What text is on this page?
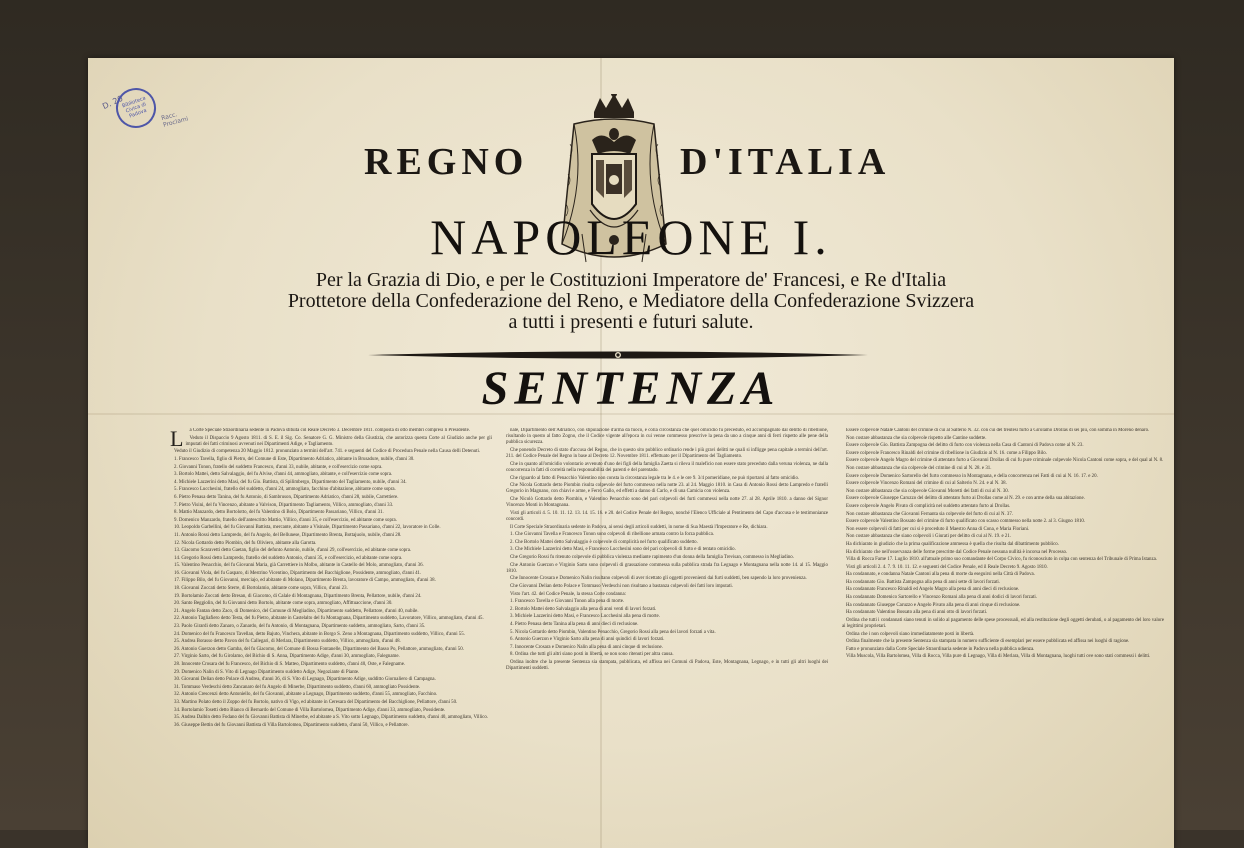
D. 20
Biblioteca Civica di Padova	Racc. Proclami
REGNO	D'ITALIA
NAPOLEONE I.
Per la Grazia di Dio, e per le Costituzioni Imperatore de' Francesi, e Re d'Italia
Prottetore della Confederazione del Reno, e Mediatore della Confederazione Svizzera
a tutti i presenti e futuri salute.
SENTENZA
L	a Corte Speciale Straordinaria sedente in Padova stituita col Reale Decreto 3. Decembre 1811. composta di otto membri compresi li Presidente.

Veduto il Dispaccio 9 Agosto 1811. di S. E. il Sig. Co. Senatore G. G. Ministro della Giustizia, che autorizza questa Corte al Giudizio anche per gli imputati dei fatti criminosi avvenuti nei Dipartimenti Adige, e Tagliamento.

Veduto il Giudizio di competenza 20 Maggio 1812. pronunziato a termini dell'art. 741. e seguenti del Codice di Procedura Penale nella Causa delli Detenuti.

1. Francesco Tavella, figlio di Pietro, del Comune di Este, Dipartimento Adriatico, abitante in Brusadure, nubile, d'anni 30.

2. Giovanni Tonon, fratello del suddetto Francesco, d'anni 33, nubile, abitante, e coll'esercizio come sopra.

3. Bortolo Mattei, detto Salvalaggio, del fu Alvise, d'anni 44, ammogliato, abitante, e coll'esercizio come sopra.

4. Michiele Lazzerini detto Masi, del fu Gio. Battista, di Spilimbergo, Dipartimento del Tagliamento, nubile, d'anni 34.

5. Francesco Lucchesini, fratello del suddetto, d'anni 24, ammogliato, facchino d'abitazione, abitante come sopra.

6. Pietro Penasa detto Tanina, del fu Antonio, di Sambruson, Dipartimento Adriatico, d'anni 28, nubile, Carrettiere.

7. Pietro Visini, del fu Vincenzo, abitante a Valvison, Dipartimento Tagliamento, Villico, ammogliato, d'anni 33.

8. Mattio Manzardo, detto Bortolotto, del fu Valentino di Bolo, Dipartimento Passariano, Villico, d'anni 31.

9. Domenico Manzardo, fratello dell'antescritto Mattio, Villico, d'anni 35, e coll'esercizio, ed abitante come sopra.

10. Leopoldo Garbellini, del fu Giovanni Battista, mercante, abitante a Visinale, Dipartimento Passariano, d'anni 22, lavoratore in Colle.

11. Antonio Rossi detto Lampredo, del fu Angelo, del Bellunese, Dipartimento Brenta, Bottajuolo, nubile, d'anni 28.

12. Nicola Gottardo detto Piombin, del fu Oliviero, abitante alla Garotta.

13. Giacomo Scaravetti detto Gaetan, figlio del defunto Antonio, nubile, d'anni 29, coll'esercizio, ed abitante come sopra.

14. Gregorio Rossi detto Lampredo, fratello del suddetto Antonio, d'anni 35, e coll'esercizio, ed abitante come sopra.

15. Valentino Penacchio, del fu Giovanni Maria, già Carrettiere in Molbo, abitante in Castello del Molo, ammogliato, d'anni 36.

16. Giovanni Viola, del fu Gasparo, di Mestrino Vicentino, Dipartimento del Bacchiglione, Possidente, ammogliato, d'anni 41.

17. Filippo Bilo, del fu Giovanni, merciajo, ed abitante di Molano, Dipartimento Brenta, lavoratore di Campo, ammogliato, d'anni 38.

18. Giovanni Zoccati detto Sterre, di Bortolamio, abitante come sopra, Villico, d'anni 23.

19. Bortolamio Zoccati detto Bresan, di Giacomo, di Calale di Montagnana, Dipartimento Brenta, Pellattore, nubile, d'anni 24.

20. Santo Beggiolin, del fu Giovanni detto Bortolo, abitante come sopra, ammogliato, Affittuaccione, d'anni 30.

21. Angelo Fantan detto Zaco, di Domenico, del Comune di Megliadino, Dipartimento suddetto, Pellattore, d'anni 40, nubile.

22. Antonio Tagliafiero detto Testa, del fu Pietro, abitante in Castelalto del fu Montagnana, Dipartimento suddetto, Lavoratore, Villico, ammogliato, d'anni 45.

23. Paolo Girardi detto Zanaro, o Zanardo, del fu Antonio, di Montagnana, Dipartimento suddetto, ammogliato, Sarto, d'anni 35.

24. Domenico del fu Francesco Tavellan, detto Bajuto, Vinchera, abitante in Borgo S. Zeno a Montagnana, Dipartimento suddetto, Villico, d'anni 55.

25. Andrea Borasso detto Pavon del fu Callegari, di Merlara, Dipartimento suddetto, Villico, ammogliato, d'anni 48.

26. Antonio Guerzon detto Gamba, del fu Giacomo, del Comune di Bossa Fontanelle, Dipartimento del Basso Po, Pellattore, ammogliato, d'anni 50.

27. Virginio Sarto, del fu Girolamo, del Bichio di S. Anna, Dipartimento Adige, d'anni 30, ammogliato, Falegname.

28. Innocente Crosara del fu Francesco, del Bichio di S. Matteo, Dipartimento suddetto, d'anni 40, Oste, e Falegname.

29. Domenico Nalin di S. Vito di Legnago Dipartimento suddetto Adige, Negoziante di Piante.

30. Giovanni Delian detto Polace di Andrea, d'anni 36, di S. Vito di Legnago, Dipartimento Adige, sudditto Giornaliero di Campagna.

31. Tommaso Verdeschi detto Zancanaro del fu Angelo di Minerbe, Dipartimento suddetto, d'anni 60, ammogliato Possidente.

32. Antonio Crescenzi detto Antoniello, del fu Giovanni, abitante a Legnago, Dipartimento suddetto, d'anni 55, ammogliato, Facchino.

33. Martino Polato detto il Zoppo del fu Bortolo, nativo di Vigo, ed abitante in Ceresara del Dipartimento del Bacchiglione, Pellattore, d'anni 50.

34. Bortolamio Tosetti detto Bianco di Bernardo del Comune di Villa Bartolomea, Dipartimento Adige, d'anni 33, ammogliato, Possidente.

35. Andrea Dalbin detto Fodano del fu Giovanni Battista di Minerbe, ed abitante a S. Vito sotto Legnago, Dipartimento suddetto, d'anni 40, ammogliato, Villico.

36. Giuseppe Bettin del fu Giovanni Battista di Villa Bartolomea, Dipartimento suddetto, d'anni 50, Villico, e Pellattore.

nale, Dipartimento dell'Adriatico, con stipulazione d'arma da fuoco, e colla circostanza che quel omicidio fu preceduto, ed accompagnato dal delitto di ribellione, risultando in questo al fatto Zogno, che il Codice vigente all'epoca in cui venne commesso prescrive la pena da uno a cinque anni di ferri rispetto alle pene della pubblica sicurezza.

Che ponendo Decreto di stato d'accusa del Regno, che in questo sito pubblico ordinario rende i più gravi delitti ne quali si infligge pena capitale a termini dell'art. 211. del Codice Penale del Regno in base al Decreto 12. Novembre 1811. effettuato per il Dipartimento del Tagliamento.

Che in quanto all'omicidio volontario avvenuto d'uno dei figli della famiglia Zaetta si rileva il maleficio non essere stato preceduto dalla veruna violenza, ne dalla concorrenza in fatti di correità nella responsabilità dei parenti e del parentado.

Che riguardo al fatto di Penacchio Valentino non consta la circostanza legale tra le 4. e le ore 9. 3/4 pomeridiane, ne può riportarsi al fatto omicidio.

Che Nicola Gottardo detto Piombin risulta colpevole del furto commesso nella notte 23. al 24. Maggio 1810. in Casa di Antonio Rossi detto Lampredo e fratelli Gregorio in Magnano, con chiavi e arme, e Ferro Gallo, ed effetti a danno di Carlo, e di una Camicia con violenza.

Che Nicolò Gottardo detto Piombin, e Valentino Penacchio sono del pari colpevoli dei furti commessi nella notte 27. al 28. Aprile 1810. a danno del Signor Vincenzo Monti in Montagnana.

Visti gli articoli 4. 5. 10. 11. 12. 13. 14. 15. 16. e 20. del Codice Penale del Regno, nonché l'Elenco Ufficiale al Pentimento del Capo d'accusa e le testimonianze concordi.

Il Corte Speciale Straordinaria sedente in Padova, ai sensi degli articoli suddetti, in nome di Sua Maestà l'Imperatore e Re, dichiara.

1. Che Giovanni Tavella e Francesco Tonon sono colpevoli di ribellione armata contro la forza pubblica.

2. Che Bortolo Mattei detto Salvalaggio è colpevole di complicità nel furto qualificato suddetto.

3. Che Michiele Lazzerini detto Masi, e Francesco Lucchesini sono del pari colpevoli di furto e di tentato omicidio.

Che Gregorio Rossi fu ritenuto colpevole di pubblica violenza mediante rapimento d'un donna della famiglia Trevisan, commesso in Megliadino.

Che Antonio Guerzon e Virginio Sarto sono colpevoli di grassazione commessa sulla pubblica strada fra Legnago e Montagnana nella notte 14. al 15. Maggio 1810.

Che Innocente Crosara e Domenico Nalin risultano colpevoli di aver ricettato gli oggetti provenienti dai furti suddetti, ben sapendo la loro provenienza.

Che Giovanni Delian detto Polace e Tommaso Verdeschi non risultano a bastanza colpevoli dei fatti loro imputati.

Visto l'art. 42. del Codice Penale, la stessa Corte condanna:

1. Francesco Tavella e Giovanni Tonon alla pena di morte.

2. Bortolo Mattei detto Salvalaggio alla pena di anni venti di lavori forzati.

3. Michiele Lazzerini detto Masi, e Francesco Lucchesini alla pena di morte.

4. Pietro Penasa detto Tanina alla pena di anni dieci di reclusione.

5. Nicola Gottardo detto Piombin, Valentino Penacchio, Gregorio Rossi alla pena dei lavori forzati a vita.

6. Antonio Guerzon e Virginio Sarto alla pena di anni quindici di lavori forzati.

7. Innocente Crosara e Domenico Nalin alla pena di anni cinque di reclusione.

8. Ordina che tutti gli altri siano posti in libertà, se non sono ritenuti per altra causa.

Ordina inoltre che la presente Sentenza sia stampata, pubblicata, ed affissa nei Comuni di Padova, Este, Montagnana, Legnago, e in tutti gli altri luoghi dei Dipartimenti suddetti.

Essere colpevole Natale Cantoni del crimine di cui al Salterio N. 32. con cui del treutesi furto a Girolamo Drollas di sei più, con somma in Moreno denaro.

Non costare abbastanza che sia colpevole rispetto alle Cantine suddette.

Essere colpevole Gio. Battista Zampogna del delitto di furto con violenza nella Casa di Cantoni di Padova come al N. 23.

Essere colpevole Francesco Rinaldi del crimine di ribellione in Giudizio al N. 16. come a Filippo Bilo.

Essere colpevole Angelo Magro del crimine di attentato furto a Giovanni Drollas di cui fu pure criminale colpevole Nicola Cantoni come sopra, e del qual al N. 8.

Non costare abbastanza che sia colpevole del crimine di cui al N. 28. e 31.

Essere colpevole Domenico Sartorello del furto commesso in Montagnana, e della concorrenza nei Fatti di cui ai N. 16. 17. e 20.

Essere colpevole Vincenzo Romani del crimine di cui al Salterio N. 24. e al N. 38.

Non costare abbastanza che sia colpevole Giovanni Moretti dei fatti di cui al N. 30.

Essere colpevole Giuseppe Caruzzo del delitto di attentato furto ai Drollas come al N. 29. e con arme della sua abitazione.

Essere colpevole Angelo Pivato di complicità nel suddetto attentato furto ai Drollas.

Non costare abbastanza che Giovanni Fernanta sia colpevole del furto di cui al N. 37.

Essere colpevole Valentino Bossato del crimine di furto qualificato con scasso commesso nella notte 2. al 3. Giugno 1810.

Non essere colpevoli di fatti per cui si è proceduto il Maestro Anna di Cona, e Maria Floriani.

Non costare abbastanza che siano colpevoli i Giurati per delitto di cui al N. 19. e 21.

Ha dichiarato in giudizio che la prima qualificazione ammessa è quella che risulta dal dibattimento pubblico.

Ha dichiarato che nell'osservanza delle forme prescritte dal Codice Penale nessuna nullità è incorsa nel Processo.

Villa di Rocca Fame 17. Luglio 1810. all'attuale primo suo comandante del Corpo Civico, fu riconosciuto in colpa con sentenza del Tribunale di Prima Istanza.

Visti gli articoli 2. 4. 7. 9. 10. 11. 12. e seguenti del Codice Penale, ed il Reale Decreto 9. Agosto 1810.

Ha condannato, e condanna Natale Cantoni alla pena di morte da eseguirsi nella Città di Padova.

Ha condannato Gio. Battista Zampogna alla pena di anni sette di lavori forzati.

Ha condannato Francesco Rinaldi ed Angelo Magro alla pena di anni dieci di reclusione.

Ha condannato Domenico Sartorello e Vincenzo Romani alla pena di anni dodici di lavori forzati.

Ha condannato Giuseppe Caruzzo e Angelo Pivato alla pena di anni cinque di reclusione.

Ha condannato Valentino Bossato alla pena di anni otto di lavori forzati.

Ordina che tutti i condannati siano tenuti in solido al pagamento delle spese processuali, ed alla restituzione degli oggetti derubati, o al pagamento del loro valore ai legittimi proprietari.

Ordina che i non colpevoli siano immediatamente posti in libertà.

Ordina finalmente che la presente Sentenza sia stampata in numero sufficiente di esemplari per essere pubblicata ed affissa nei luoghi di ragione.

Fatto e pronunziato dalla Corte Speciale Straordinaria sedente in Padova nella pubblica udienza.

Villa Muscola, Villa Bartolomea, Villa di Rocca, Villa pure di Legnago, Villa di Merlara, Villa di Montagnana, luoghi tutti ove sono stati commessi i delitti.
